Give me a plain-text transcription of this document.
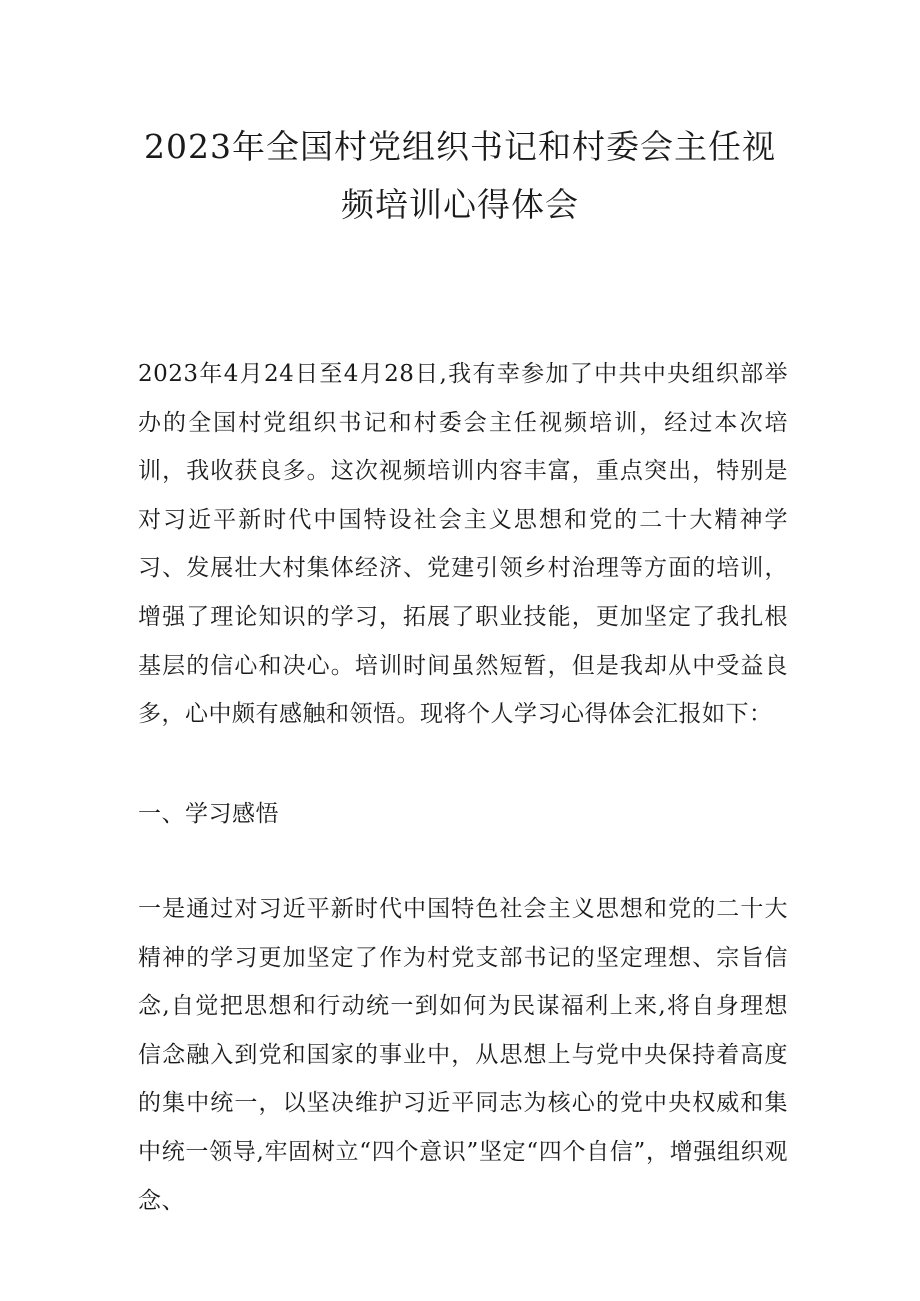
2023年全国村党组织书记和村委会主任视
频培训心得体会
2023年4月24日至4月28日,我有幸参加了中共中央组织部举办的全国村党组织书记和村委会主任视频培训，经过本次培训，我收获良多。这次视频培训内容丰富，重点突出，特别是对习近平新时代中国特设社会主义思想和党的二十大精神学习、发展壮大村集体经济、党建引领乡村治理等方面的培训，增强了理论知识的学习，拓展了职业技能，更加坚定了我扎根基层的信心和决心。培训时间虽然短暂，但是我却从中受益良多，心中颇有感触和领悟。现将个人学习心得体会汇报如下：
一、学习感悟
一是通过对习近平新时代中国特色社会主义思想和党的二十大精神的学习更加坚定了作为村党支部书记的坚定理想、宗旨信念,自觉把思想和行动统一到如何为民谋福利上来,将自身理想信念融入到党和国家的事业中，从思想上与党中央保持着高度的集中统一，以坚决维护习近平同志为核心的党中央权威和集中统一领导,牢固树立“四个意识”坚定“四个自信”，增强组织观念、
